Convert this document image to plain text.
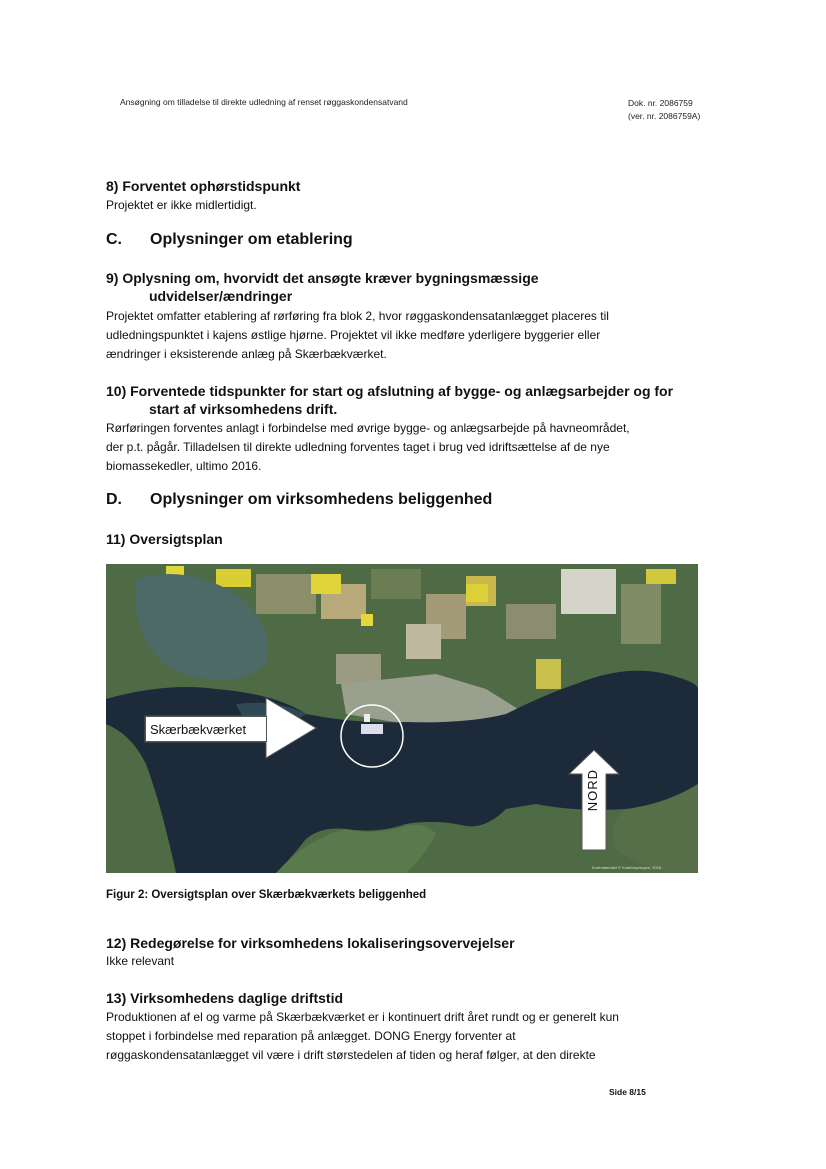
Ansøgning om tilladelse til direkte udledning af renset røggaskondensatvand	Dok. nr. 2086759
(ver. nr. 2086759A)
8) Forventet ophørstidspunkt
Projektet er ikke midlertidigt.
C. Oplysninger om etablering
9) Oplysning om, hvorvidt det ansøgte kræver bygningsmæssige
udvidelser/ændringer
Projektet omfatter etablering af rørføring fra blok 2, hvor røggaskondensatanlægget placeres til
udledningspunktet i kajens østlige hjørne. Projektet vil ikke medføre yderligere byggerier eller
ændringer i eksisterende anlæg på Skærbækværket.
10) Forventede tidspunkter for start og afslutning af bygge- og anlægsarbejder og for
start af virksomhedens drift.
Rørføringen forventes anlagt i forbindelse med øvrige bygge- og anlægsarbejde på havneområdet,
der p.t. pågår. Tilladelsen til direkte udledning forventes taget i brug ved idriftsættelse af de nye
biomassekedler, ultimo 2016.
D. Oplysninger om virksomhedens beliggenhed
11) Oversigtsplan
Skærbækværket
NORD
Kortmaterialet © Kortforsyningen, 2016
Figur 2: Oversigtsplan over Skærbækværkets beliggenhed
12) Redegørelse for virksomhedens lokaliseringsovervejelser
Ikke relevant
13) Virksomhedens daglige driftstid
Produktionen af el og varme på Skærbækværket er i kontinuert drift året rundt og er generelt kun
stoppet i forbindelse med reparation på anlægget. DONG Energy forventer at
røggaskondensatanlægget vil være i drift størstedelen af tiden og heraf følger, at den direkte
Side 8/15
